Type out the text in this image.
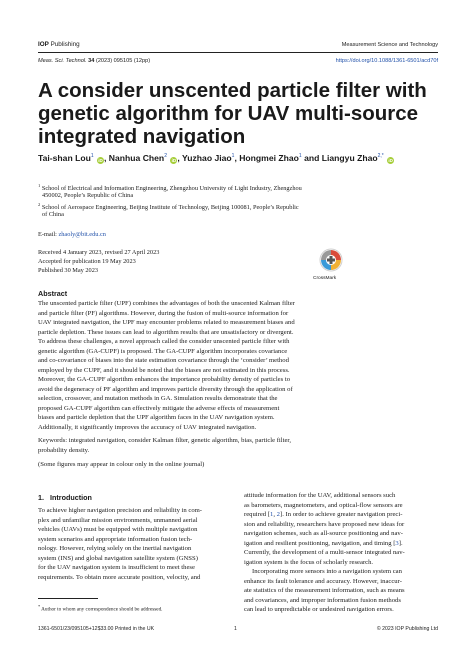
IOP Publishing	Measurement Science and Technology
Meas. Sci. Technol. 34 (2023) 095105 (12pp)	https://doi.org/10.1088/1361-6501/acd70f
A consider unscented particle filter with genetic algorithm for UAV multi-source integrated navigation
Tai-shan Lou$^1$ iD, Nanhua Chen$^2$ iD, Yuzhao Jiao$^1$, Hongmei Zhao$^1$ and Liangyu Zhao$^{2,*}$ iD
$^1$ School of Electrical and Information Engineering, Zhengzhou University of Light Industry, Zhengzhou
450002, People’s Republic of China
$^2$ School of Aerospace Engineering, Beijing Institute of Technology, Beijing 100081, People’s Republic
of China
E-mail: zhaoly@bit.edu.cn
Received 4 January 2023, revised 27 April 2023
Accepted for publication 19 May 2023
Published 30 May 2023
CrossMark
Abstract
The unscented particle filter (UPF) combines the advantages of both the unscented Kalman filter
and particle filter (PF) algorithms. However, during the fusion of multi-source information for
UAV integrated navigation, the UPF may encounter problems related to measurement biases and
particle depletion. These issues can lead to algorithm results that are unsatisfactory or divergent.
To address these challenges, a novel approach called the consider unscented particle filter with
genetic algorithm (GA-CUPF) is proposed. The GA-CUPF algorithm incorporates covariance
and co-covariance of biases into the state estimation covariance through the ‘consider’ method
employed by the CUPF, and it should be noted that the biases are not estimated in this process.
Moreover, the GA-CUPF algorithm enhances the importance probability density of particles to
avoid the degeneracy of PF algorithm and improves particle diversity through the application of
selection, crossover, and mutation methods in GA. Simulation results demonstrate that the
proposed GA-CUPF algorithm can effectively mitigate the adverse effects of measurement
biases and particle depletion that the UPF algorithm faces in the UAV navigation system.
Additionally, it significantly improves the accuracy of UAV integrated navigation.
Keywords: integrated navigation, consider Kalman filter, genetic algorithm, bias, particle filter,
probability density.
(Some figures may appear in colour only in the online journal)
1. Introduction
To achieve higher navigation precision and reliability in com-
plex and unfamiliar mission environments, unmanned aerial
vehicles (UAVs) must be equipped with multiple navigation
system scenarios and appropriate information fusion tech-
nology. However, relying solely on the inertial navigation
system (INS) and global navigation satellite system (GNSS)
for the UAV navigation system is insufficient to meet these
requirements. To obtain more accurate position, velocity, and
attitude information for the UAV, additional sensors such
as barometers, magnetometers, and optical-flow sensors are
required [1, 2]. In order to achieve greater navigation preci-
sion and reliability, researchers have proposed new ideas for
navigation schemes, such as all-source positioning and nav-
igation and resilient positioning, navigation, and timing [3].
Currently, the development of a multi-sensor integrated nav-
igation system is the focus of scholarly research.
Incorporating more sensors into a navigation system can
enhance its fault tolerance and accuracy. However, inaccur-
ate statistics of the measurement information, such as means
and covariances, and improper information fusion methods
can lead to unpredictable or undesired navigation errors.
* Author to whom any correspondence should be addressed.
1361-6501/23/095105+12$33.00 Printed in the UK	1	© 2023 IOP Publishing Ltd
